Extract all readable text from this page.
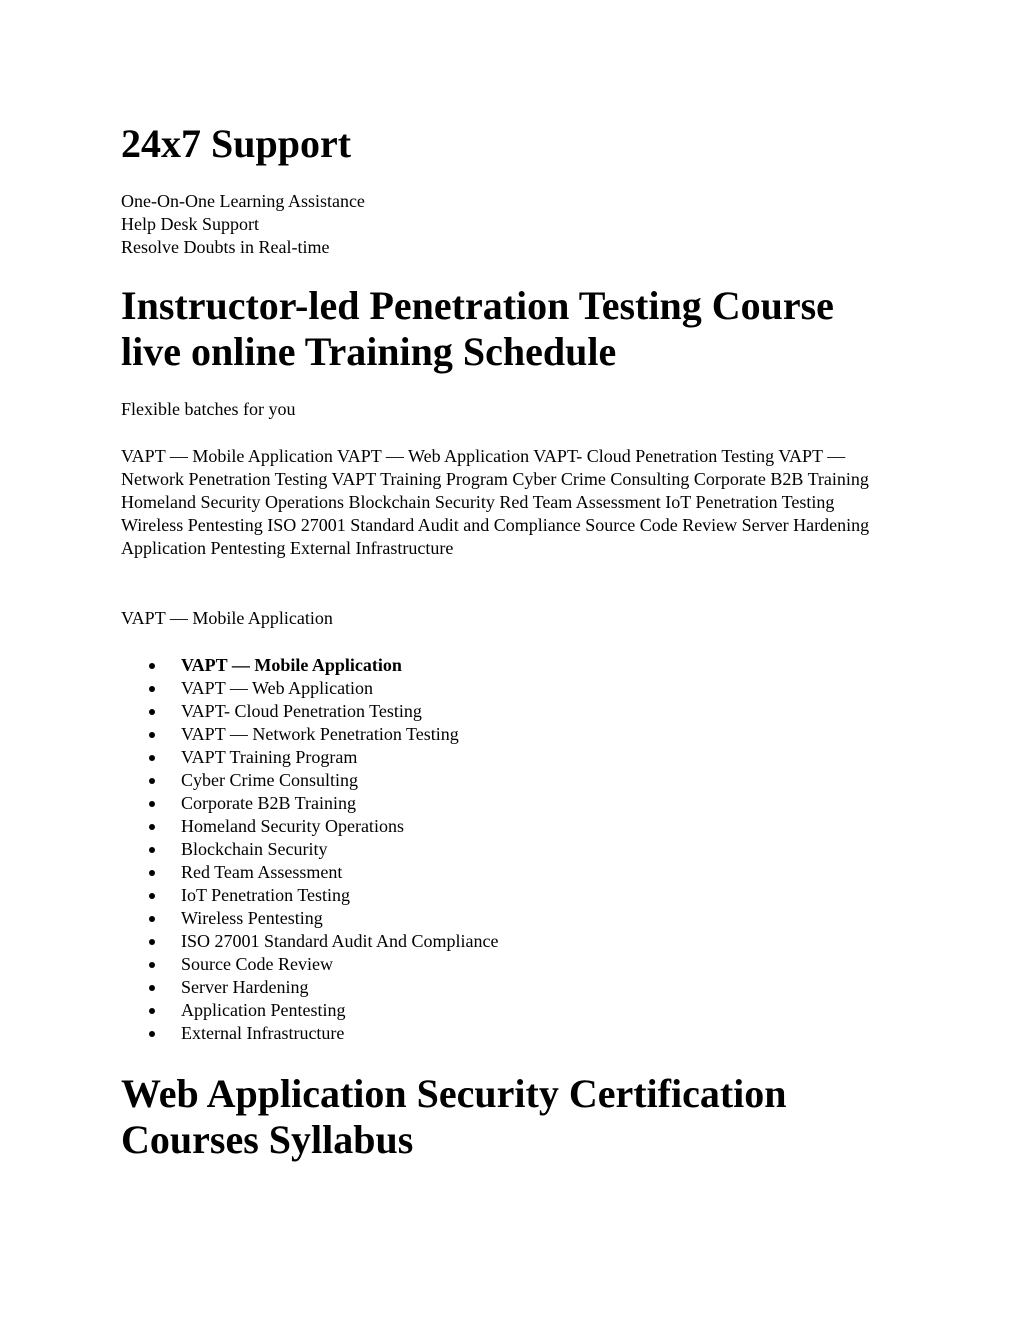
24x7 Support

One-On-One Learning Assistance

Help Desk Support

Resolve Doubts in Real-time

Instructor-led Penetration Testing Course
live online Training Schedule

Flexible batches for you

VAPT — Mobile Application VAPT — Web Application VAPT- Cloud Penetration Testing VAPT — Network Penetration Testing VAPT Training Program Cyber Crime Consulting Corporate B2B Training Homeland Security Operations Blockchain Security Red Team Assessment IoT Penetration Testing Wireless Pentesting ISO 27001 Standard Audit and Compliance Source Code Review Server Hardening Application Pentesting External Infrastructure

VAPT — Mobile Application

VAPT — Mobile Application
VAPT — Web Application
VAPT- Cloud Penetration Testing
VAPT — Network Penetration Testing
VAPT Training Program
Cyber Crime Consulting
Corporate B2B Training
Homeland Security Operations
Blockchain Security
Red Team Assessment
IoT Penetration Testing
Wireless Pentesting
ISO 27001 Standard Audit And Compliance
Source Code Review
Server Hardening
Application Pentesting
External Infrastructure
Web Application Security Certification
Courses Syllabus
